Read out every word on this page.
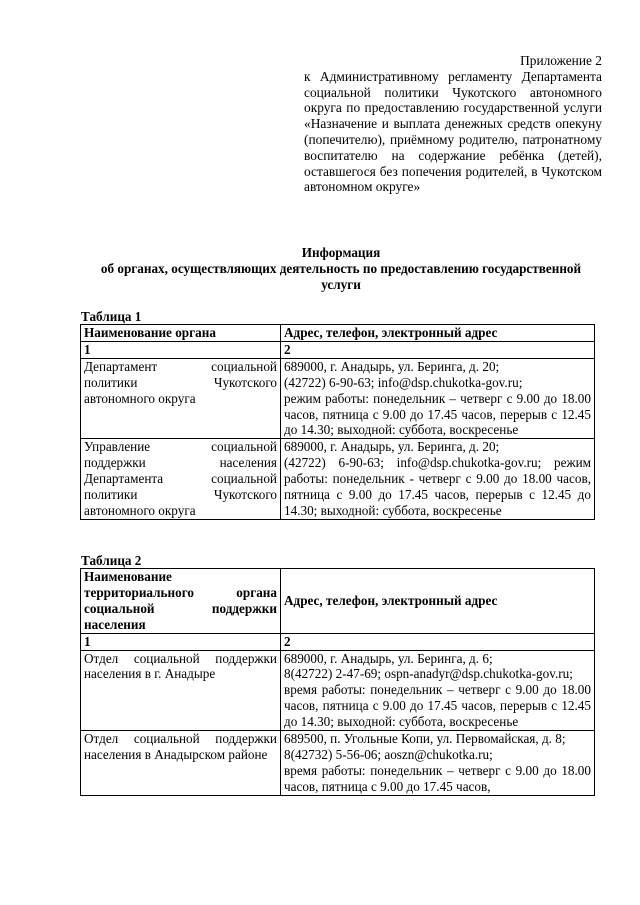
Приложение 2
к Административному регламенту Департамента социальной политики Чукотского автономного округа по предоставлению государственной услуги «Назначение и выплата денежных средств опекуну (попечителю), приёмному родителю, патронатному воспитателю на содержание ребёнка (детей), оставшегося без попечения родителей, в Чукотском автономном округе»
Информация
об органах, осуществляющих деятельность по предоставлению государственной услуги
Таблица 1
Наименование органа	Адрес, телефон, электронный адрес
1	2
Департамент социальной политики Чукотского автономного округа	689000, г. Анадырь, ул. Беринга, д. 20;
(42722) 6-90-63; info@dsp.chukotka-gov.ru;
режим работы: понедельник – четверг с 9.00 до 18.00 часов, пятница с 9.00 до 17.45 часов, перерыв с 12.45 до 14.30; выходной: суббота, воскресенье

Управление социальной поддержки населения Департамента социальной политики Чукотского автономного округа	689000, г. Анадырь, ул. Беринга, д. 20;
(42722) 6-90-63; info@dsp.chukotka-gov.ru; режим работы: понедельник - четверг с 9.00 до 18.00 часов, пятница с 9.00 до 17.45 часов, перерыв с 12.45 до 14.30; выходной: суббота, воскресенье
Таблица 2
Наименование территориального органа социальной поддержки населения	Адрес, телефон, электронный адрес
1	2
Отдел социальной поддержки населения в г. Анадыре	689000, г. Анадырь, ул. Беринга, д. 6;
8(42722) 2-47-69; ospn-anadyr@dsp.chukotka-gov.ru;
время работы: понедельник – четверг с 9.00 до 18.00 часов, пятница с 9.00 до 17.45 часов, перерыв с 12.45 до 14.30; выходной: суббота, воскресенье

Отдел социальной поддержки населения в Анадырском районе	689500, п. Угольные Копи, ул. Первомайская, д. 8;
8(42732) 5-56-06; aoszn@chukotka.ru;
время работы: понедельник – четверг с 9.00 до 18.00 часов, пятница с 9.00 до 17.45 часов,
